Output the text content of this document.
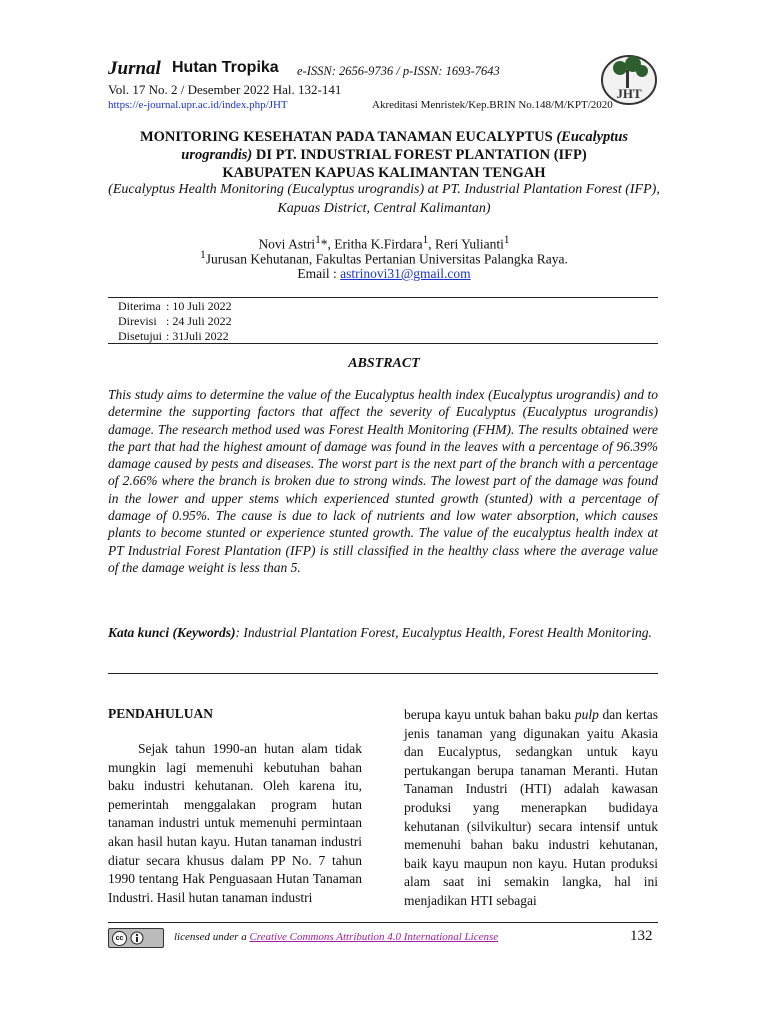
Jurnal Hutan Tropika e-ISSN: 2656-9736 / p-ISSN: 1693-7643
Vol. 17 No. 2 / Desember 2022 Hal. 132-141
https://e-journal.upr.ac.id/index.php/JHT	Akreditasi Menristek/Kep.BRIN No.148/M/KPT/2020
JHT
MONITORING KESEHATAN PADA TANAMAN EUCALYPTUS (Eucalyptus
urograndis) DI PT. INDUSTRIAL FOREST PLANTATION (IFP)
KABUPATEN KAPUAS KALIMANTAN TENGAH
(Eucalyptus Health Monitoring (Eucalyptus urograndis) at PT. Industrial Plantation Forest (IFP), Kapuas District, Central Kalimantan)
Novi Astri$^1$*, Eritha K.Firdara$^1$, Reri Yulianti$^1$
$^1$Jurusan Kehutanan, Fakultas Pertanian Universitas Palangka Raya.
Email : astrinovi31@gmail.com
Diterima	: 10 Juli 2022
Direvisi	: 24 Juli 2022
Disetujui	: 31Juli 2022
ABSTRACT
This study aims to determine the value of the Eucalyptus health index (Eucalyptus urograndis) and to determine the supporting factors that affect the severity of Eucalyptus (Eucalyptus urograndis) damage. The research method used was Forest Health Monitoring (FHM). The results obtained were the part that had the highest amount of damage was found in the leaves with a percentage of 96.39% damage caused by pests and diseases. The worst part is the next part of the branch with a percentage of 2.66% where the branch is broken due to strong winds. The lowest part of the damage was found in the lower and upper stems which experienced stunted growth (stunted) with a percentage of damage of 0.95%. The cause is due to lack of nutrients and low water absorption, which causes plants to become stunted or experience stunted growth. The value of the eucalyptus health index at PT Industrial Forest Plantation (IFP) is still classified in the healthy class where the average value of the damage weight is less than 5.
Kata kunci (Keywords): Industrial Plantation Forest, Eucalyptus Health, Forest Health Monitoring.
PENDAHULUAN

Sejak tahun 1990-an hutan alam tidak mungkin lagi memenuhi kebutuhan bahan baku industri kehutanan. Oleh karena itu, pemerintah menggalakan program hutan tanaman industri untuk memenuhi permintaan akan hasil hutan kayu. Hutan tanaman industri diatur secara khusus dalam PP No. 7 tahun 1990 tentang Hak Penguasaan Hutan Tanaman Industri. Hasil hutan tanaman industri

berupa kayu untuk bahan baku pulp dan kertas jenis tanaman yang digunakan yaitu Akasia dan Eucalyptus, sedangkan untuk kayu pertukangan berupa tanaman Meranti. Hutan Tanaman Industri (HTI) adalah kawasan produksi yang menerapkan budidaya kehutanan (silvikultur) secara intensif untuk memenuhi bahan baku industri kehutanan, baik kayu maupun non kayu. Hutan produksi alam saat ini semakin langka, hal ini menjadikan HTI sebagai

cc	licensed under a Creative Commons Attribution 4.0 International License	132
